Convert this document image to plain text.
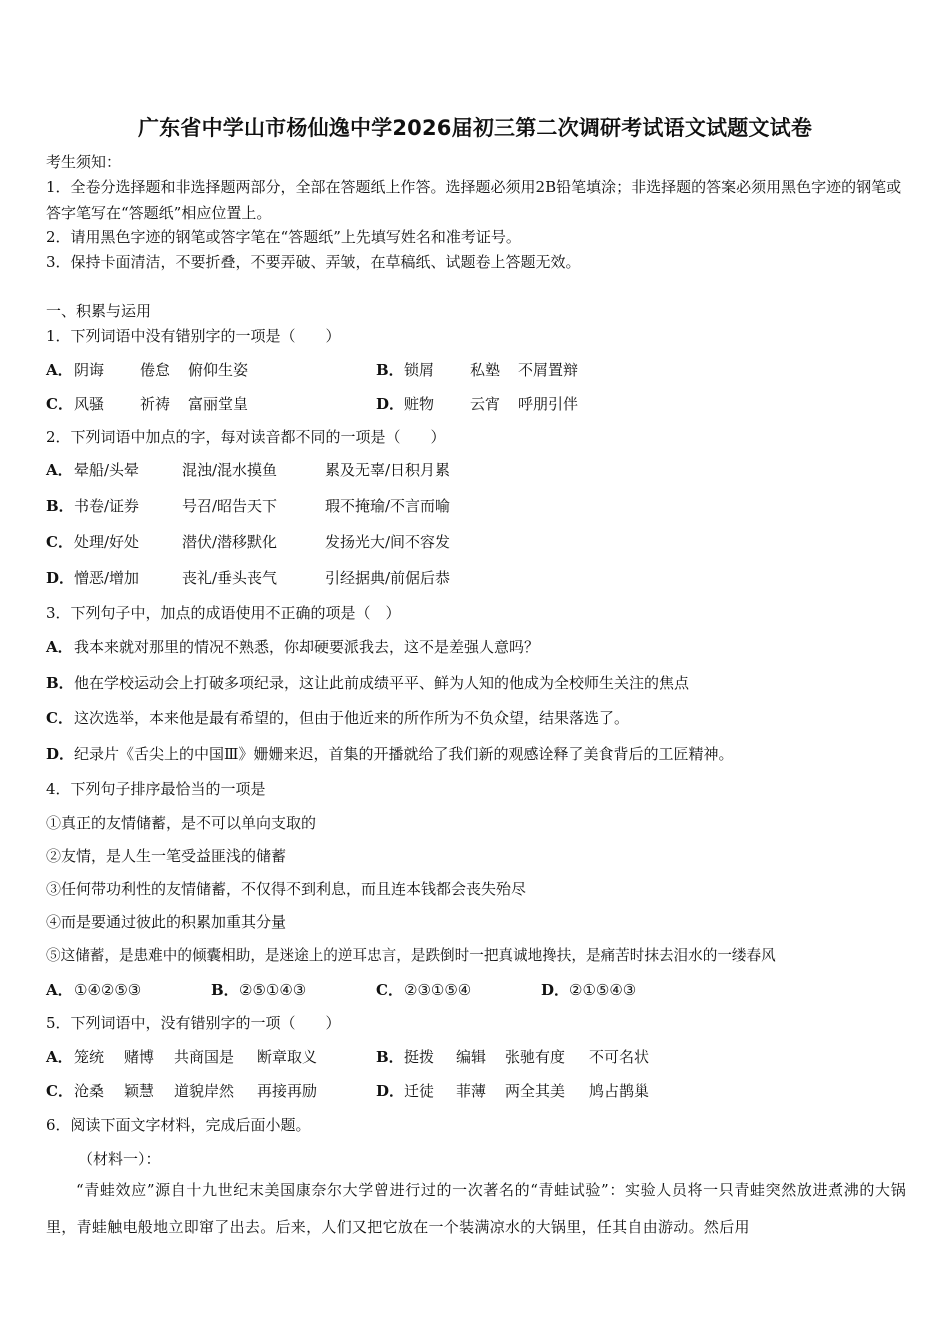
广东省中学山市杨仙逸中学2026届初三第二次调研考试语文试题文试卷
考生须知：
1．全卷分选择题和非选择题两部分，全部在答题纸上作答。选择题必须用2B铅笔填涂；非选择题的答案必须用黑色字迹的钢笔或答字笔写在“答题纸”相应位置上。
2．请用黑色字迹的钢笔或答字笔在“答题纸”上先填写姓名和准考证号。
3．保持卡面清洁，不要折叠，不要弄破、弄皱，在草稿纸、试题卷上答题无效。
一、积累与运用
1．下列词语中没有错别字的一项是（　　）
A．阴诲 倦怠 俯仰生姿	B．锁屑 私塾 不屑置辩
C．风骚 祈祷 富丽堂皇	D．赃物 云宵 呼朋引伴
2．下列词语中加点的字，每对读音都不同的一项是（　　）
A．晕船/头晕	混浊/混水摸鱼	累及无辜/日积月累
B．书卷/证券	号召/昭告天下	瑕不掩瑜/不言而喻
C．处理/好处	潜伏/潜移默化	发扬光大/间不容发
D．憎恶/增加	丧礼/垂头丧气	引经据典/前倨后恭
3．下列句子中，加点的成语使用不正确的项是（　）
A．我本来就对那里的情况不熟悉，你却硬要派我去，这不是差强人意吗？
B．他在学校运动会上打破多项纪录，这让此前成绩平平、鲜为人知的他成为全校师生关注的焦点
C．这次选举，本来他是最有希望的，但由于他近来的所作所为不负众望，结果落选了。
D．纪录片《舌尖上的中国Ⅲ》姗姗来迟，首集的开播就给了我们新的观感诠释了美食背后的工匠精神。
4．下列句子排序最恰当的一项是
①真正的友情储蓄，是不可以单向支取的
②友情，是人生一笔受益匪浅的储蓄
③任何带功利性的友情储蓄，不仅得不到利息，而且连本钱都会丧失殆尽
④而是要通过彼此的积累加重其分量
⑤这储蓄，是患难中的倾囊相助，是迷途上的逆耳忠言，是跌倒时一把真诚地搀扶，是痛苦时抹去泪水的一缕春风
A．①④②⑤③	B．②⑤①④③	C．②③①⑤④	D．②①⑤④③
5．下列词语中，没有错别字的一项（　　）
A．笼统 赌博 共商国是 断章取义	B．挺拨 编辑 张驰有度 不可名状
C．沧桑 颖慧 道貌岸然 再接再励	D．迁徒 菲薄 两全其美 鸠占鹊巢
6．阅读下面文字材料，完成后面小题。
（材料一）：
“青蛙效应”源自十九世纪末美国康奈尔大学曾进行过的一次著名的“青蛙试验”：实验人员将一只青蛙突然放进煮沸的大锅里，青蛙触电般地立即窜了出去。后来，人们又把它放在一个装满凉水的大锅里，任其自由游动。然后用
